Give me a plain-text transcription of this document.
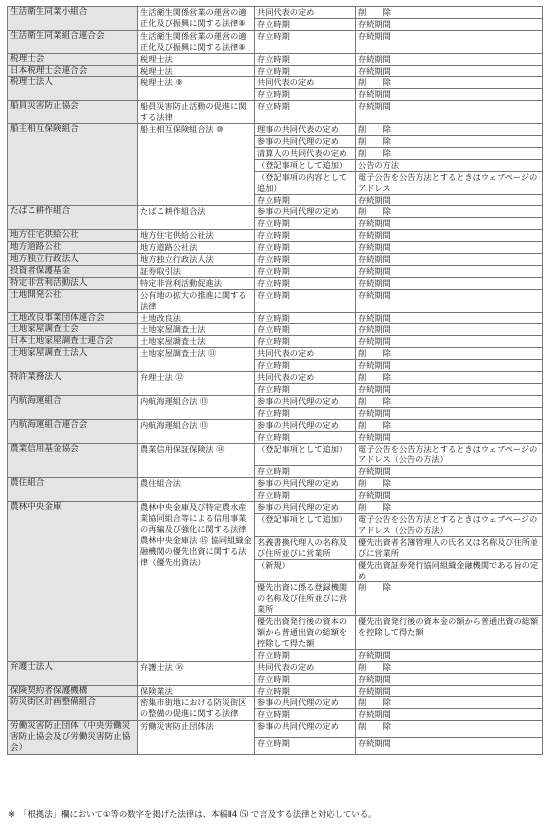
生活衛生同業小組合	生活衛生関係営業の運営の適正化及び振興に関する法律⑧	共同代表の定め	削　　除
		存立時期	存続期間
生活衛生同業組合連合会	生活衛生関係営業の運営の適正化及び振興に関する法律⑧	存立時期	存続期間
税理士会	税理士法	存立時期	存続期間
日本税理士会連合会	税理士法	存立時期	存続期間
税理士法人	税理士法 ⑨	共同代表の定め	削　　除
		存立時期	存続期間
船員災害防止協会	船員災害防止活動の促進に関する法律	存立時期	存続期間
船主相互保険組合	船主相互保険組合法 ⑩	理事の共同代表の定め	削　　除
		参事の共同代理の定め	削　　除
		清算人の共同代表の定め	削　　除
		（登記事項として追加）	公告の方法
		（登記事項の内容として追加）	電子公告を公告方法とするときはウェブページのアドレス
		存立時期	存続期間
たばこ耕作組合	たばこ耕作組合法	参事の共同代理の定め	削　　除
		存立時期	存続期間
地方住宅供給公社	地方住宅供給公社法	存立時期	存続期間
地方道路公社	地方道路公社法	存立時期	存続期間
地方独立行政法人	地方独立行政法人法	存立時期	存続期間
投資者保護基金	証券取引法	存立時期	存続期間
特定非営利活動法人	特定非営利活動促進法	存立時期	存続期間
土地開発公社	公有地の拡大の推進に関する法律	存立時期	存続期間
土地改良事業団体連合会	土地改良法	存立時期	存続期間
土地家屋調査士会	土地家屋調査士法	存立時期	存続期間
日本土地家屋調査士連合会	土地家屋調査士法	存立時期	存続期間
土地家屋調査士法人	土地家屋調査士法 ⑪	共同代表の定め	削　　除
		存立時期	存続期間
特許業務法人	弁理士法 ⑫	共同代表の定め	削　　除
		存立時期	存続期間
内航海運組合	内航海運組合法 ⑬	参事の共同代理の定め	削　　除
		存立時期	存続期間
内航海運組合連合会	内航海運組合法 ⑬	参事の共同代理の定め	削　　除
		存立時期	存続期間
農業信用基金協会	農業信用保証保険法 ⑭	（登記事項として追加）	電子公告を公告方法とするときはウェブページのアドレス（公告の方法）
		存立時期	存続期間
農住組合	農住組合法	参事の共同代理の定め	削　　除
		存立時期	存続期間
農林中央金庫	農林中央金庫及び特定農水産業協同組合等による信用事業の再編及び強化に関する法律 農林中央金庫法 ⑮ 協同組織金融機関の優先出資に関する法律（優先出資法）	参事の共同代理の定め	削　　除
		（登記事項として追加）	電子公告を公告方法とするときはウェブページのアドレス（公告の方法）
		名義書換代理人の名称及び住所並びに営業所	優先出資者名簿管理人の氏名又は名称及び住所並びに営業所
		（新規）	優先出資証券発行協同組織金融機関である旨の定め
		優先出資に係る登録機関の名称及び住所並びに営業所	削　　除
		優先出資発行後の資本の額から普通出資の総額を控除して得た額	優先出資発行後の資本金の額から普通出資の総額を控除して得た額
		存立時期	存続期間
弁護士法人	弁護士法 ⑯	共同代表の定め	削　　除
		存立時期	存続期間
保険契約者保護機構	保険業法	存立時期	存続期間
防災街区計画整備組合	密集市街地における防災街区の整備の促進に関する法律	参事の共同代理の定め	削　　除
		存立時期	存続期間
労働災害防止団体（中央労働災害防止協会及び労働災害防止協会）	労働災害防止団体法	参事の共同代理の定め	削　　除
		存立時期	存続期間
※　「根拠法」欄において①等の数字を掲げた法律は、本稿Ⅱ4 ⑸ で言及する法律と対応している。
